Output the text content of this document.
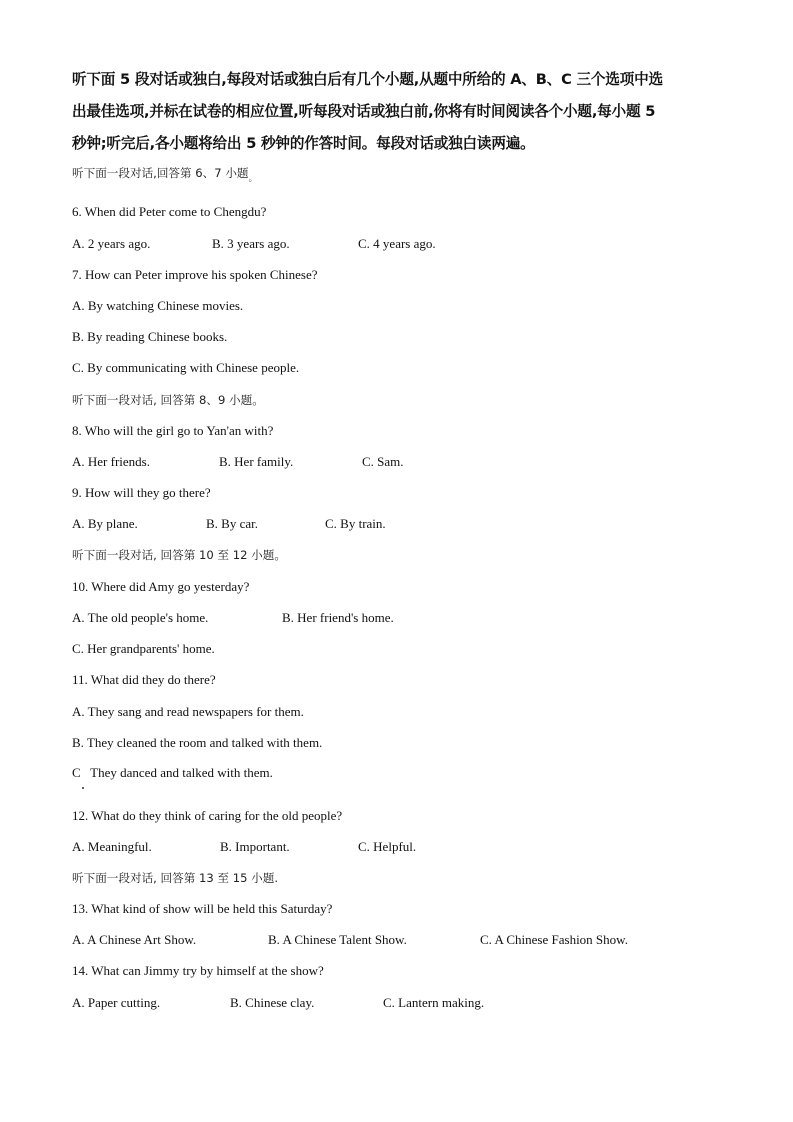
听下面 5 段对话或独白,每段对话或独白后有几个小题,从题中所给的 A、B、C 三个选项中选
出最佳选项,并标在试卷的相应位置,听每段对话或独白前,你将有时间阅读各个小题,每小题 5
秒钟;听完后,各小题将给出 5 秒钟的作答时间。每段对话或独白读两遍。
听下面一段对话,回答第 6、7 小题$_。$
6. When did Peter come to Chengdu?
A. 2 years ago.	B. 3 years ago.	C. 4 years ago.
7. How can Peter improve his spoken Chinese?
A. By watching Chinese movies.
B. By reading Chinese books.
C. By communicating with Chinese people.
听下面一段对话, 回答第 8、9 小题。
8. Who will the girl go to Yan'an with?
A. Her friends.	B. Her family.	C. Sam.
9. How will they go there?
A. By plane.	B. By car.	C. By train.
听下面一段对话, 回答第 10 至 12 小题。
10. Where did Amy go yesterday?
A. The old people's home.	B. Her friend's home.
C. Her grandparents' home.
11. What did they do there?
A. They sang and read newspapers for them.
B. They cleaned the room and talked with them.
C   They danced and talked with them.
12. What do they think of caring for the old people?
A. Meaningful.	B. Important.	C. Helpful.
听下面一段对话, 回答第 13 至 15 小题.
13. What kind of show will be held this Saturday?
A. A Chinese Art Show.	B. A Chinese Talent Show.	C. A Chinese Fashion Show.
14. What can Jimmy try by himself at the show?
A. Paper cutting.	B. Chinese clay.	C. Lantern making.
